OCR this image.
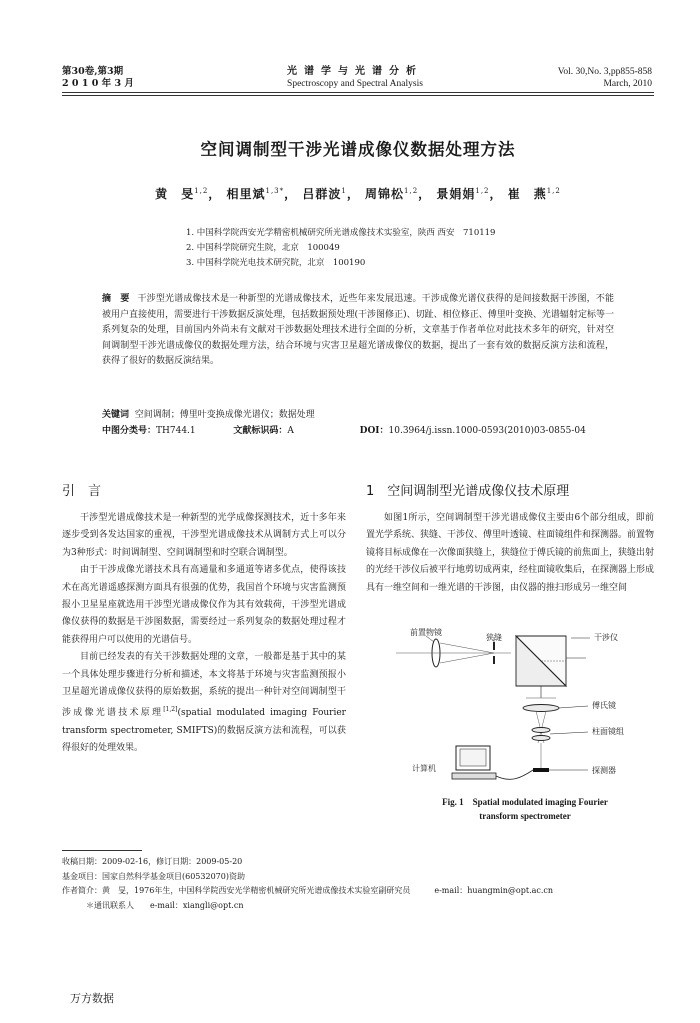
第30卷,第3期
2 0 1 0 年 3 月
光谱学与光谱分析
Spectroscopy and Spectral Analysis
Vol. 30,No. 3,pp855-858
March, 2010
空间调制型干涉光谱成像仪数据处理方法
黄　旻$^{1,2}$， 相里斌$^{1,3*}$， 吕群波$^1$， 周锦松$^{1,2}$， 景娟娟$^{1,2}$， 崔　燕$^{1,2}$
1. 中国科学院西安光学精密机械研究所光谱成像技术实验室，陕西 西安　710119
2. 中国科学院研究生院，北京　100049
3. 中国科学院光电技术研究院，北京　100190
摘　要 干涉型光谱成像技术是一种新型的光谱成像技术，近些年来发展迅速。干涉成像光谱仪获得的是间接数据干涉图，不能被用户直接使用，需要进行干涉数据反演处理，包括数据预处理(干涉图修正)、切趾、相位修正、傅里叶变换、光谱辐射定标等一系列复杂的处理，目前国内外尚未有文献对干涉数据处理技术进行全面的分析，文章基于作者单位对此技术多年的研究，针对空间调制型干涉光谱成像仪的数据处理方法，结合环境与灾害卫星超光谱成像仪的数据，提出了一套有效的数据反演方法和流程，获得了很好的数据反演结果。
关键词 空间调制；傅里叶变换成像光谱仪；数据处理
中图分类号：TH744.1	文献标识码：A	DOI：10.3964/j.issn.1000-0593(2010)03-0855-04
引　言

干涉型光谱成像技术是一种新型的光学成像探测技术，近十多年来逐步受到各发达国家的重视，干涉型光谱成像技术从调制方式上可以分为3种形式：时间调制型、空间调制型和时空联合调制型。

由于干涉成像光谱技术具有高通量和多通道等诸多优点，使得该技术在高光谱遥感探测方面具有很强的优势，我国首个环境与灾害监测预报小卫星星座就选用干涉型光谱成像仪作为其有效载荷，干涉型光谱成像仪获得的数据是干涉图数据，需要经过一系列复杂的数据处理过程才能获得用户可以使用的光谱信号。

目前已经发表的有关干涉数据处理的文章，一般都是基于其中的某一个具体处理步骤进行分析和描述，本文将基于环境与灾害监测预报小卫星超光谱成像仪获得的原始数据，系统的提出一种针对空间调制型干涉成像光谱技术原理[1,2](spatial modulated imaging Fourier transform spectrometer, SMIFTS)的数据反演方法和流程，可以获得很好的处理效果。

1　空间调制型光谱成像仪技术原理

如图1所示，空间调制型干涉光谱成像仪主要由6个部分组成，即前置光学系统、狭缝、干涉仪、傅里叶透镜、柱面镜组件和探测器。前置物镜将目标成像在一次像面狭缝上，狭缝位于傅氏镜的前焦面上，狭缝出射的光经干涉仪后被平行地剪切成两束，经柱面镜收集后，在探测器上形成具有一维空间和一维光谱的干涉图，由仪器的推扫形成另一维空间

前置物镜
狭缝	干涉仪
傅氏镜
柱面镜组
计算机	探测器
Fig. 1　Spatial modulated imaging Fourier
transform spectrometer
收稿日期：2009-02-16，修订日期：2009-05-20
基金项目：国家自然科学基金项目(60532070)资助
作者简介：黄　旻，1976年生，中国科学院西安光学精密机械研究所光谱成像技术实验室副研究员	e-mail：huangmin@opt.ac.cn
＊通讯联系人　　e-mail：xiangli@opt.cn
万方数据
